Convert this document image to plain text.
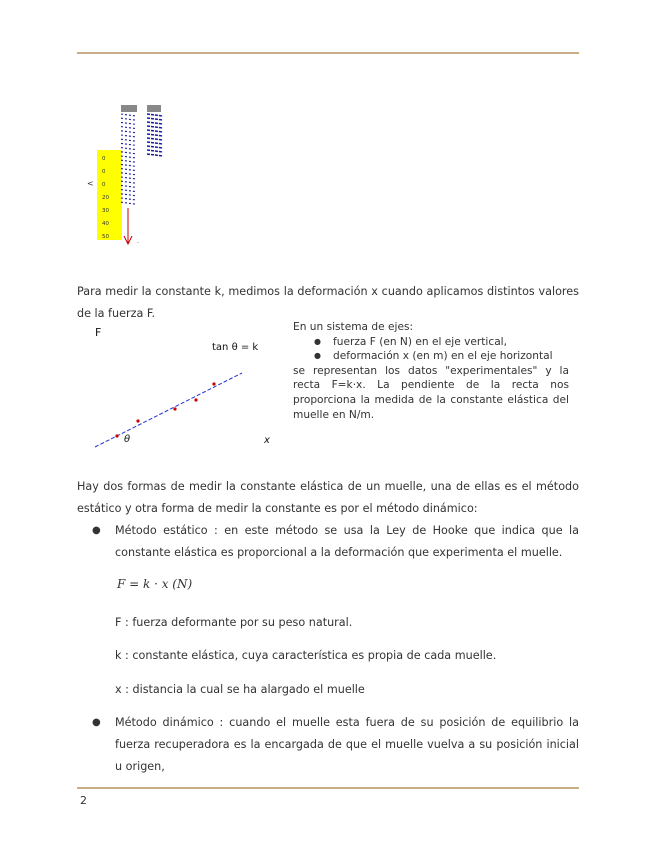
0
0
0
20
30
40
50
<
.

Para medir la constante k, medimos la deformación x cuando aplicamos distintos valores de la fuerza F.

F
tan θ = k
θ	x
En un sistema de ejes:
● fuerza F (en N) en el eje vertical,
● deformación x (en m) en el eje horizontal
se representan los datos "experimentales" y la recta F=k·x. La pendiente de la recta nos proporciona la medida de la constante elástica del muelle en N/m.

Hay dos formas de medir la constante elástica de un muelle, una de ellas es el método estático y otra forma de medir la constante es por el método dinámico:

● Método estático : en este método se usa la Ley de Hooke que indica que la constante elástica es proporcional a la deformación que experimenta el muelle.
F = k · x (N)
F : fuerza deformante por su peso natural.
k : constante elástica, cuya característica es propia de cada muelle.
x : distancia la cual se ha alargado el muelle
● Método dinámico : cuando el muelle esta fuera de su posición de equilibrio la fuerza recuperadora es la encargada de que el muelle vuelva a su posición inicial u origen,
2
